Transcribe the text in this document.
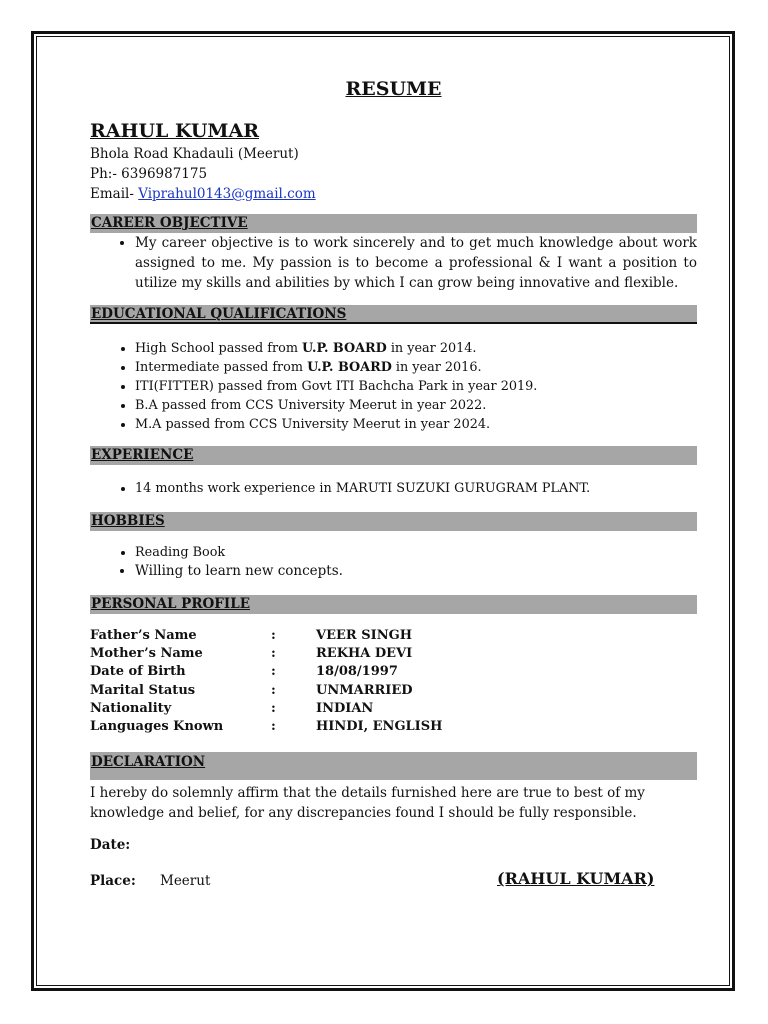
RESUME
RAHUL KUMAR
Bhola Road Khadauli (Meerut)
Ph:- 6396987175
Email- Viprahul0143@gmail.com
CAREER OBJECTIVE
• My career objective is to work sincerely and to get much knowledge about work assigned to me. My passion is to become a professional & I want a position to utilize my skills and abilities by which I can grow being innovative and flexible.
EDUCATIONAL QUALIFICATIONS
• High School passed from U.P. BOARD in year 2014.
• Intermediate passed from U.P. BOARD in year 2016.
• ITI(FITTER) passed from Govt ITI Bachcha Park in year 2019.
• B.A passed from CCS University Meerut in year 2022.
• M.A passed from CCS University Meerut in year 2024.
EXPERIENCE
• 14 months work experience in MARUTI SUZUKI GURUGRAM PLANT.
HOBBIES
• Reading Book
• Willing to learn new concepts.
PERSONAL PROFILE
Father’s Name	:	VEER SINGH
Mother’s Name	:	REKHA DEVI
Date of Birth	:	18/08/1997
Marital Status	:	UNMARRIED
Nationality	:	INDIAN
Languages Known	:	HINDI, ENGLISH
DECLARATION
I hereby do solemnly affirm that the details furnished here are true to best of my knowledge and belief, for any discrepancies found I should be fully responsible.
Date:
Place: Meerut	(RAHUL KUMAR)
